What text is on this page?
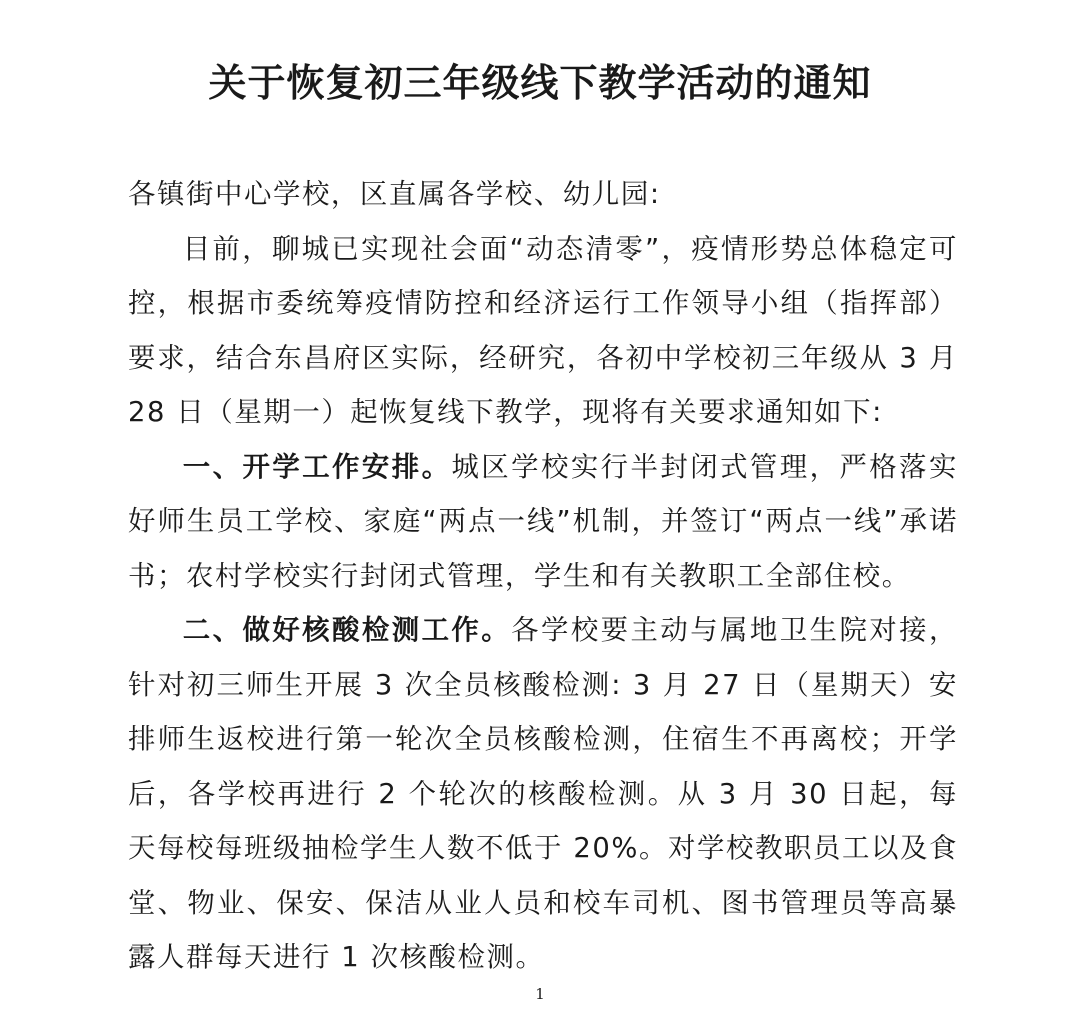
关于恢复初三年级线下教学活动的通知

各镇街中心学校，区直属各学校、幼儿园:

目前，聊城已实现社会面“动态清零”，疫情形势总体稳定可控，根据市委统筹疫情防控和经济运行工作领导小组（指挥部）要求，结合东昌府区实际，经研究，各初中学校初三年级从 3 月 28 日（星期一）起恢复线下教学，现将有关要求通知如下:

一、开学工作安排。城区学校实行半封闭式管理，严格落实好师生员工学校、家庭“两点一线”机制，并签订“两点一线”承诺书；农村学校实行封闭式管理，学生和有关教职工全部住校。

二、做好核酸检测工作。各学校要主动与属地卫生院对接，针对初三师生开展 3 次全员核酸检测: 3 月 27 日（星期天）安排师生返校进行第一轮次全员核酸检测，住宿生不再离校；开学后，各学校再进行 2 个轮次的核酸检测。从 3 月 30 日起，每天每校每班级抽检学生人数不低于 20%。对学校教职员工以及食堂、物业、保安、保洁从业人员和校车司机、图书管理员等高暴露人群每天进行 1 次核酸检测。

1
